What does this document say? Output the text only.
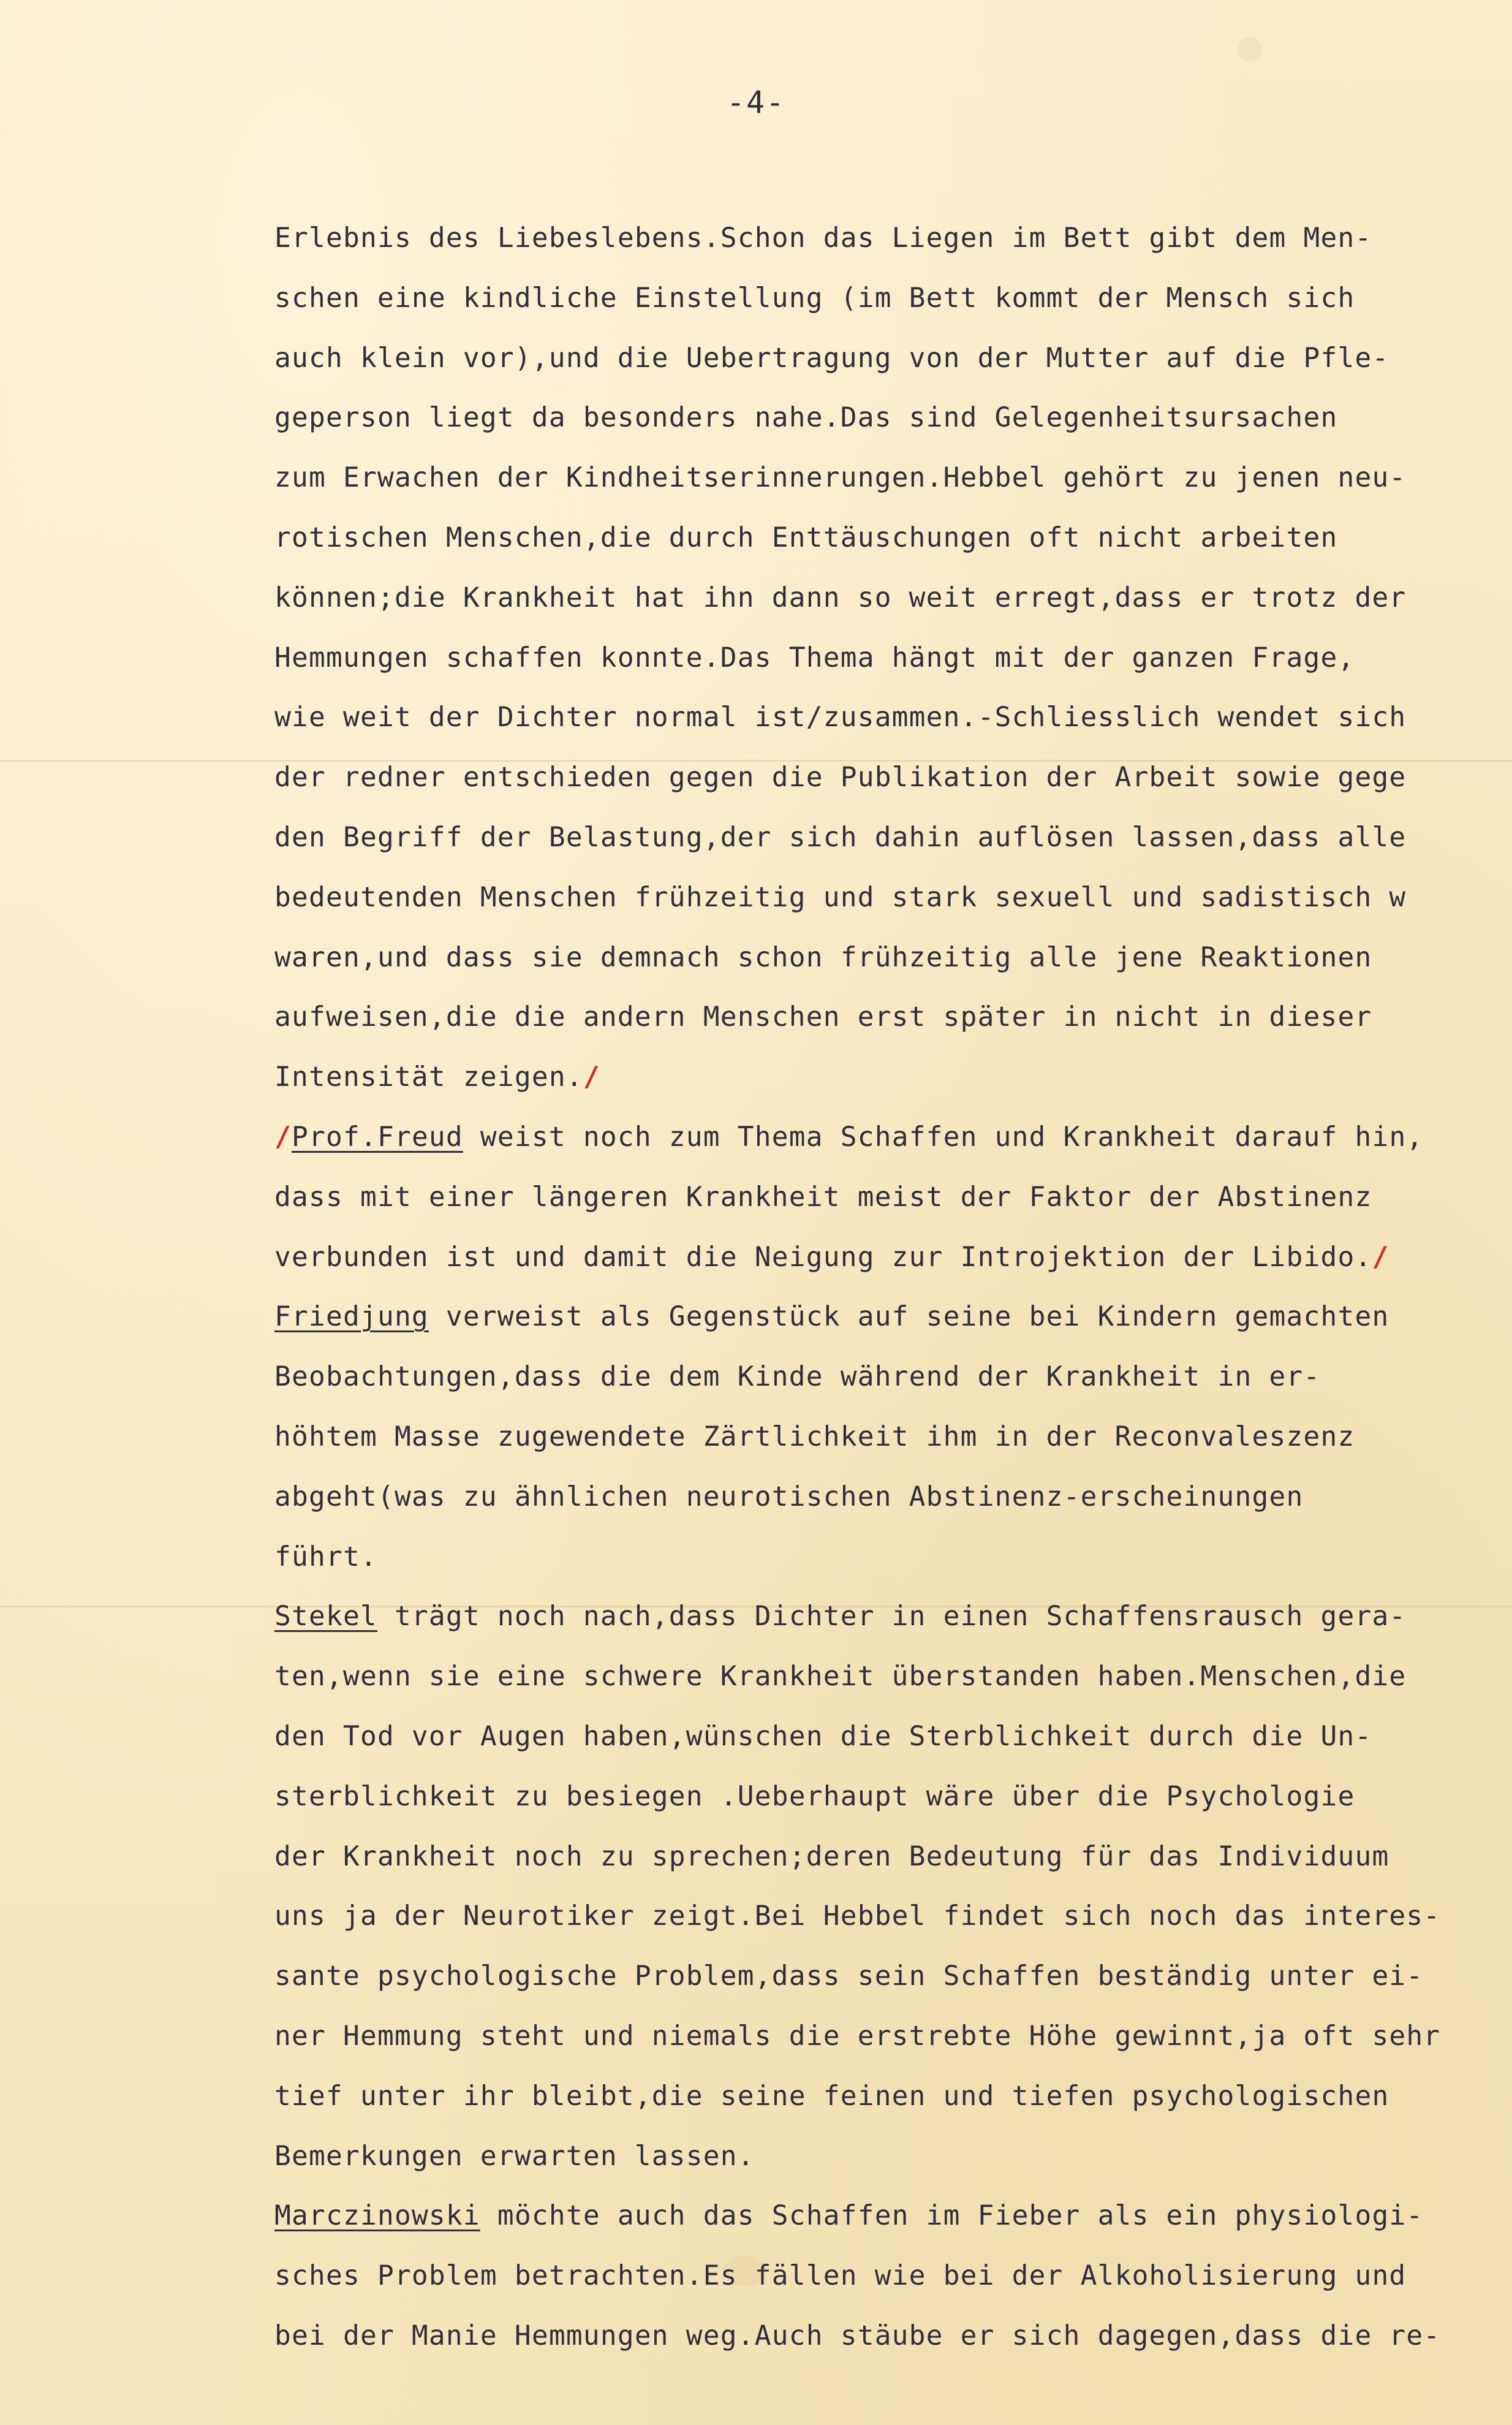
-4-
Erlebnis des Liebeslebens.Schon das Liegen im Bett gibt dem Men-
schen eine kindliche Einstellung (im Bett kommt der Mensch sich
auch klein vor),und die Uebertragung von der Mutter auf die Pfle-
geperson liegt da besonders nahe.Das sind Gelegenheitsursachen
zum Erwachen der Kindheitserinnerungen.Hebbel gehört zu jenen neu-
rotischen Menschen,die durch Enttäuschungen oft nicht arbeiten
können;die Krankheit hat ihn dann so weit erregt,dass er trotz der
Hemmungen schaffen konnte.Das Thema hängt mit der ganzen Frage,
wie weit der Dichter normal ist/zusammen.-Schliesslich wendet sich
der redner entschieden gegen die Publikation der Arbeit sowie gege
den Begriff der Belastung,der sich dahin auflösen lassen,dass alle
bedeutenden Menschen frühzeitig und stark sexuell und sadistisch w
waren,und dass sie demnach schon frühzeitig alle jene Reaktionen
aufweisen,die die andern Menschen erst später in nicht in dieser
Intensität zeigen./
/Prof.Freud weist noch zum Thema Schaffen und Krankheit darauf hin,
dass mit einer längeren Krankheit meist der Faktor der Abstinenz
verbunden ist und damit die Neigung zur Introjektion der Libido./
Friedjung verweist als Gegenstück auf seine bei Kindern gemachten
Beobachtungen,dass die dem Kinde während der Krankheit in er-
höhtem Masse zugewendete Zärtlichkeit ihm in der Reconvaleszenz
abgeht(was zu ähnlichen neurotischen Abstinenz-erscheinungen
führt.
Stekel trägt noch nach,dass Dichter in einen Schaffensrausch gera-
ten,wenn sie eine schwere Krankheit überstanden haben.Menschen,die
den Tod vor Augen haben,wünschen die Sterblichkeit durch die Un-
sterblichkeit zu besiegen .Ueberhaupt wäre über die Psychologie
der Krankheit noch zu sprechen;deren Bedeutung für das Individuum
uns ja der Neurotiker zeigt.Bei Hebbel findet sich noch das interes-
sante psychologische Problem,dass sein Schaffen beständig unter ei-
ner Hemmung steht und niemals die erstrebte Höhe gewinnt,ja oft sehr
tief unter ihr bleibt,die seine feinen und tiefen psychologischen
Bemerkungen erwarten lassen.
Marczinowski möchte auch das Schaffen im Fieber als ein physiologi-
sches Problem betrachten.Es fällen wie bei der Alkoholisierung und
bei der Manie Hemmungen weg.Auch stäube er sich dagegen,dass die re-
